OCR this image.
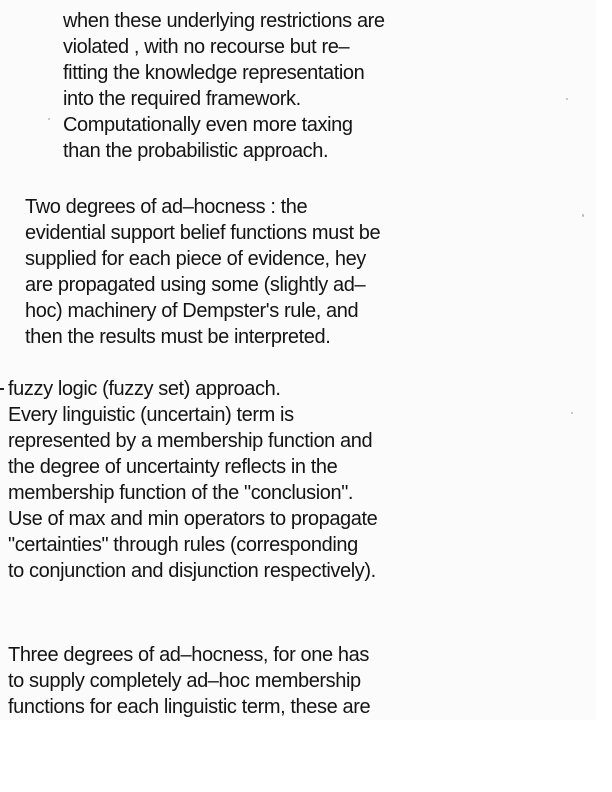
when these underlying restrictions are
violated , with no recourse but re–
fitting the knowledge representation
into the required framework.
Computationally even more taxing
than the probabilistic approach.
Two degrees of ad–hocness : the
evidential support belief functions must be
supplied for each piece of evidence, hey
are propagated using some (slightly ad–
hoc) machinery of Dempster's rule, and
then the results must be interpreted.
fuzzy logic (fuzzy set) approach.
Every linguistic (uncertain) term is
represented by a membership function and
the degree of uncertainty reflects in the
membership function of the "conclusion".
Use of max and min operators to propagate
"certainties" through rules (corresponding
to conjunction and disjunction respectively).
Three degrees of ad–hocness, for one has
to supply completely ad–hoc membership
functions for each linguistic term, these are
